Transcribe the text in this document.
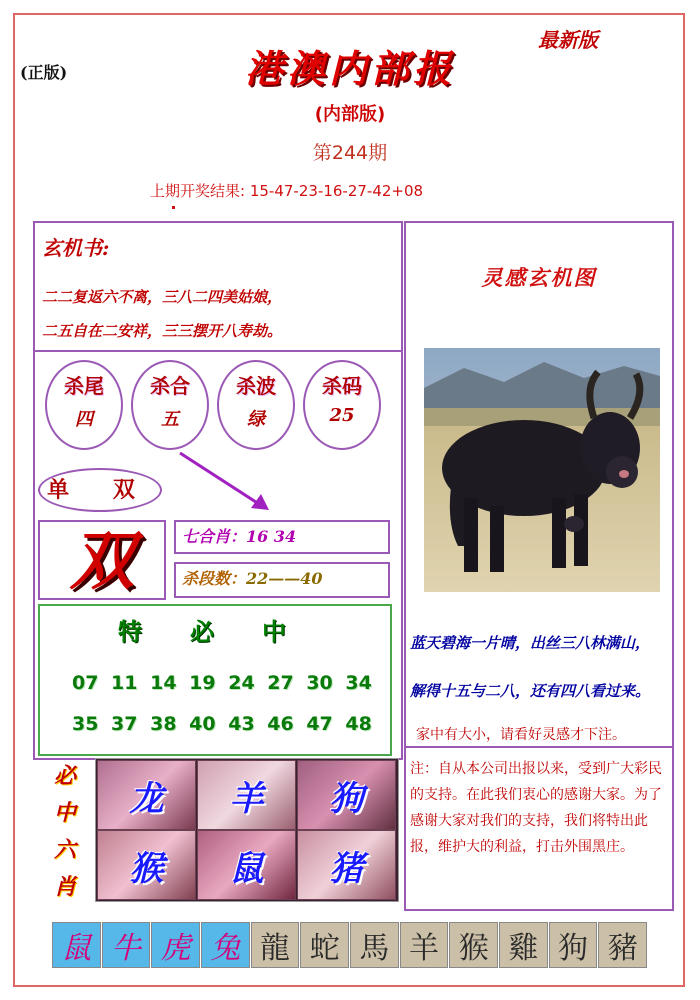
(正版)
最新版
港澳内部报
(内部版)
第244期
上期开奖结果: 15-47-23-16-27-42+08
玄机书:
二二复返六不离，三八二四美姑娘，
二五自在二安祥，三三摆开八寿劫。
杀尾
四
杀合
五
杀波
绿
杀码
25
单 双
双	七合肖：16 34
杀段数：22——40
特必中
07 11 14 19 24 27 30 34
35 37 38 40 43 46 47 48
必
中
六
肖
龙 羊 狗
猴 鼠 猪
灵感玄机图
蓝天碧海一片晴，出丝三八林满山，
解得十五与二八，还有四八看过来。
家中有大小，请看好灵感才下注。
注：自从本公司出报以来，受到广大彩民的支持。在此我们衷心的感谢大家。为了感谢大家对我们的支持，我们将特出此报，维护大的利益，打击外围黑庄。
鼠 牛 虎 兔 龍 蛇 馬 羊 猴 雞 狗 豬
